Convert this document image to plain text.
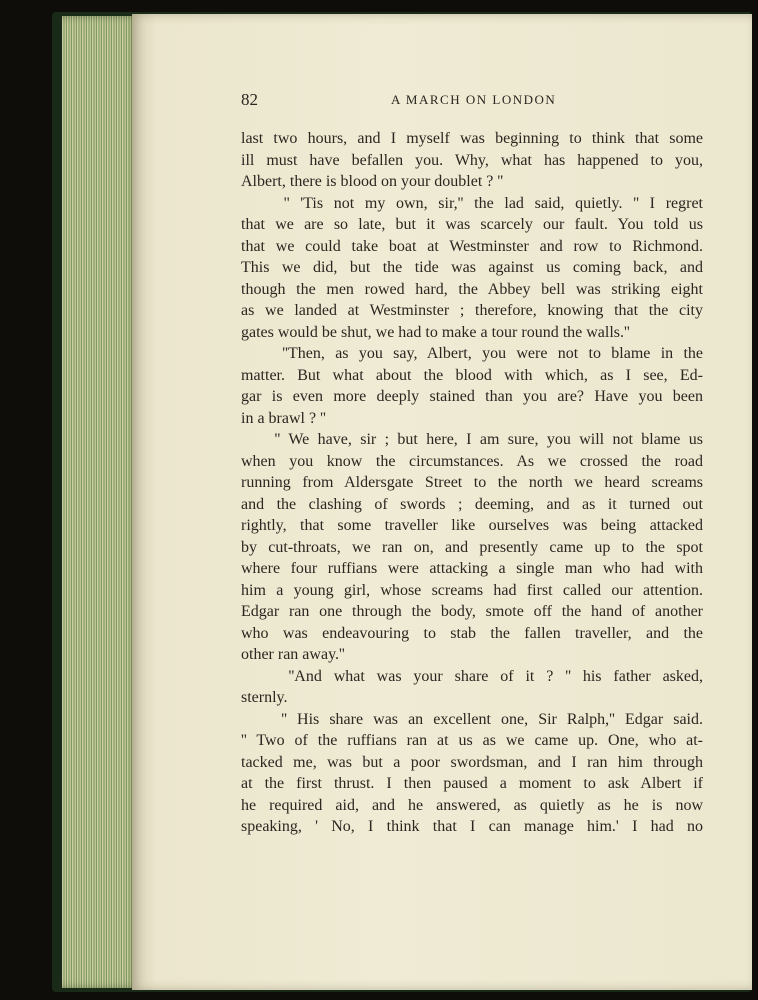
82	A MARCH ON LONDON
last two hours, and I myself was beginning to think that some
ill must have befallen you. Why, what has happened to you,
Albert, there is blood on your doublet ? ''
'' 'Tis not my own, sir,'' the lad said, quietly. '' I regret
that we are so late, but it was scarcely our fault. You told us
that we could take boat at Westminster and row to Richmond.
This we did, but the tide was against us coming back, and
though the men rowed hard, the Abbey bell was striking eight
as we landed at Westminster ; therefore, knowing that the city
gates would be shut, we had to make a tour round the walls.''
''Then, as you say, Albert, you were not to blame in the
matter. But what about the blood with which, as I see, Ed-
gar is even more deeply stained than you are? Have you been
in a brawl ? ''
'' We have, sir ; but here, I am sure, you will not blame us
when you know the circumstances. As we crossed the road
running from Aldersgate Street to the north we heard screams
and the clashing of swords ; deeming, and as it turned out
rightly, that some traveller like ourselves was being attacked
by cut-throats, we ran on, and presently came up to the spot
where four ruffians were attacking a single man who had with
him a young girl, whose screams had first called our attention.
Edgar ran one through the body, smote off the hand of another
who was endeavouring to stab the fallen traveller, and the
other ran away.''
''And what was your share of it ? '' his father asked,
sternly.
'' His share was an excellent one, Sir Ralph,'' Edgar said.
'' Two of the ruffians ran at us as we came up. One, who at-
tacked me, was but a poor swordsman, and I ran him through
at the first thrust. I then paused a moment to ask Albert if
he required aid, and he answered, as quietly as he is now
speaking, ' No, I think that I can manage him.' I had no
